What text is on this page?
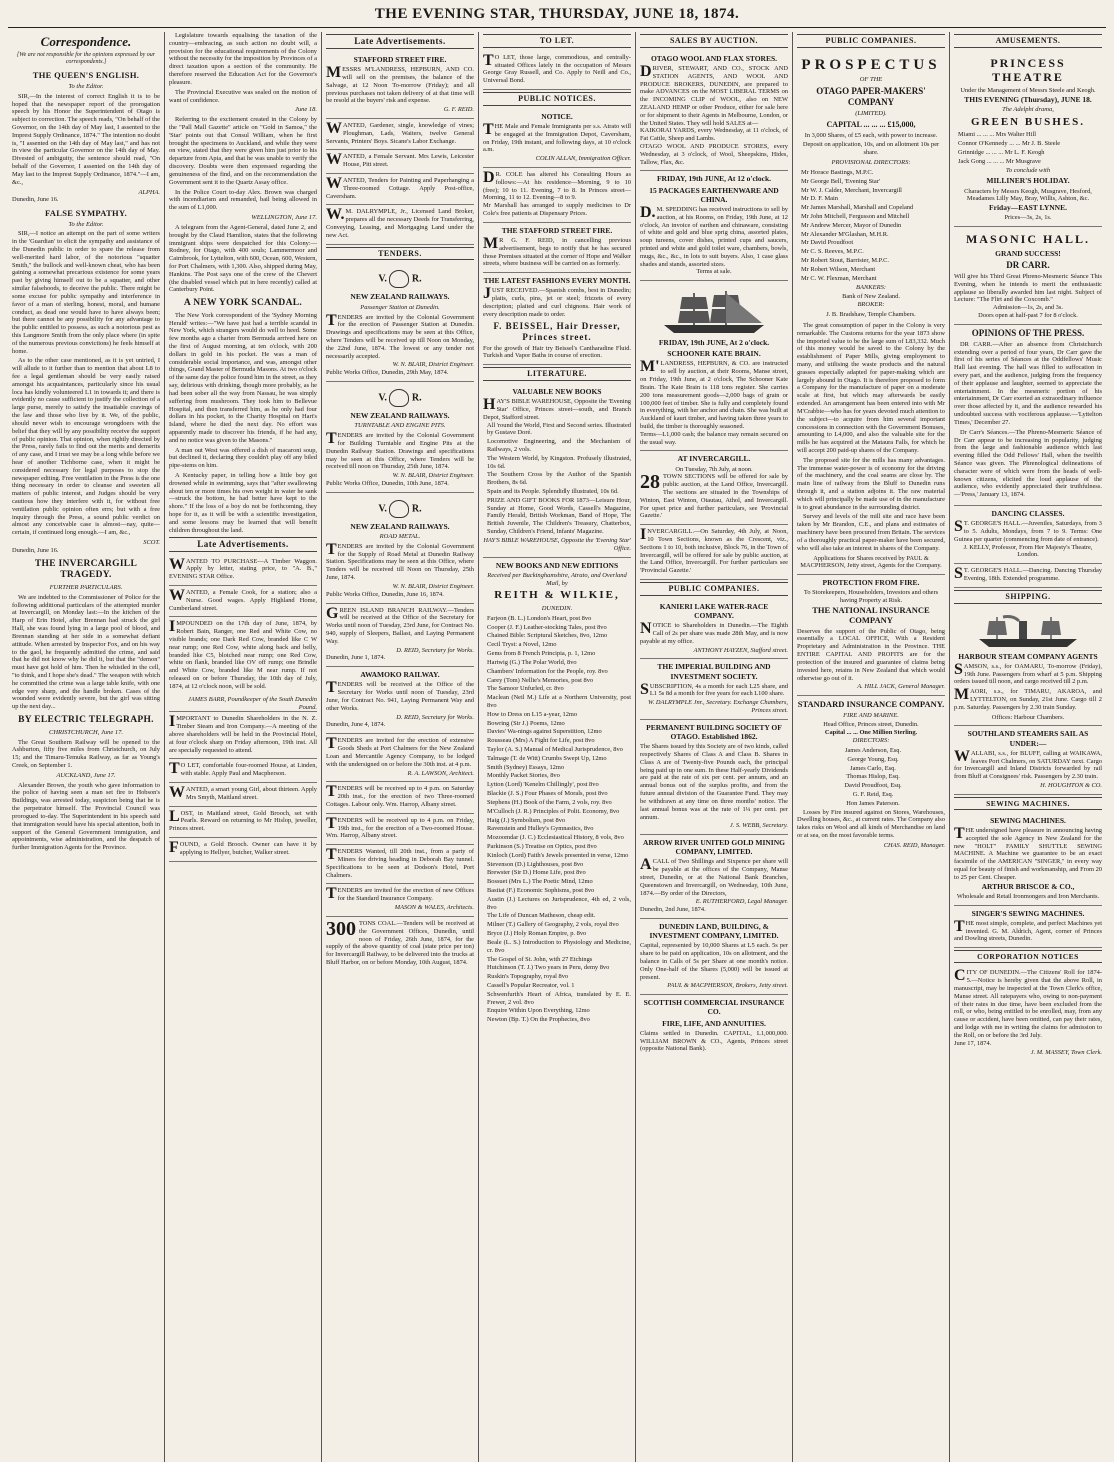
THE EVENING STAR, THURSDAY, JUNE 18, 1874.
Correspondence.
[We are not responsible for the opinions expressed by our correspondents.]
THE QUEEN'S ENGLISH.
To the Editor.

SIR,—In the interest of correct English it is to be hoped that the newspaper report of the prorogation speech by his Honor the Superintendent of Otago is subject to correction. The speech reads, "On behalf of the Governor, on the 14th day of May last, I assented to the Imprest Supply Ordinance, 1874." The intention no doubt is, "I assented on the 14th day of May last," and has not in view the particular Governor on the 14th day of May. Divested of ambiguity, the sentence should read, "On behalf of the Governor, I assented on the 14th day of May last to the Imprest Supply Ordinance, 1874."—I am, &c.,

ALPHA.
Dunedin, June 16.
FALSE SYMPATHY.
To the Editor.

SIR,—I notice an attempt on the part of some writers in the 'Guardian' to elicit the sympathy and assistance of the Dunedin public in order to spare the release from well-merited hard labor, of the notorious "squatter Smith," the bullock and well-known cheat, who has been gaining a somewhat precarious existence for some years past by giving himself out to be a squatter, and other similar falsehoods, to deceive the public. There might be some excuse for public sympathy and interference in favor of a man of sterling, honest, moral, and humane conduct, as dead one would have to have always been; but there cannot be any possibility for any advantage to the public entitled to possess, as such a notorious pest as this Langmore Smith from the only place where (in spite of the numerous previous convictions) he feels himself at home.

As to the other case mentioned, as it is yet untried, I will allude to it further than to mention that about L8 to fee a legal gentleman should be very easily raised amongst his acquaintances, particularly since his usual loca has kindly volunteered L1 in towards it; and there is evidently no cause sufficient to justify the collection of a large purse, merely to satisfy the insatiable cravings of the law and those who live by it. We, of the public, should never wish to encourage wrongdoers with the belief that they will by any possibility receive the support of public opinion. That opinion, when rightly directed by the Press, rarely fails to find out the merits and demerits of any case, and I trust we may be a long while before we hear of another Tichborne case, when it might be considered necessary for legal purposes to stop the newspaper editing. Free ventilation in the Press is the one thing necessary in order to cleanse and sweeten all matters of public interest, and Judges should be very cautious how they interfere with it, for without free ventilation public opinion often errs; but with a free inquiry through the Press, a sound public verdict on almost any conceivable case is almost—nay, quite—certain, if continued long enough.—I am, &c.,

SCOT.
Dunedin, June 16.
THE INVERCARGILL TRAGEDY.
FURTHER PARTICULARS.

We are indebted to the Commissioner of Police for the following additional particulars of the attempted murder at Invercargill, on Monday last:—In the kitchen of the Harp of Erin Hotel, after Brennan had struck the girl Hall, she was found lying in a large pool of blood, and Brennan standing at her side in a somewhat defiant attitude. When arrested by Inspector Fox, and on his way to the gaol, he frequently admitted the crime, and said that he did not know why he did it, but that the "demon" must have got hold of him. Then he whistled in the cell, "to think, and I hope she's dead." The weapon with which he committed the crime was a large table knife, with one edge very sharp, and the handle broken. Cases of the wounded were evidently severe, but the girl was sitting up the next day...

BY ELECTRIC TELEGRAPH.
CHRISTCHURCH, June 17.

The Great Southern Railway will be opened to the Ashburton, fifty five miles from Christchurch, on July 15; and the Timaru-Temuka Railway, as far as Young's Creek, on September 1.

AUCKLAND, June 17.

Alexander Brown, the youth who gave information to the police of having seen a man set fire to Hobson's Buildings, was arrested today, suspicion being that he is the perpetrator himself. The Provincial Council was prorogued to-day. The Superintendent in his speech said that immigration would have his special attention, both in support of the General Government immigration, and appointments, wise administration, and the despatch of further Immigration Agents for the Province.

Legislature towards equalising the taxation of the country—embracing, as such action no doubt will, a provision for the educational requirements of the Colony without the necessity for the imposition by Provinces of a direct taxation upon a section of the community. He therefore reserved the Education Act for the Governor's pleasure.

The Provincial Executive was sealed on the motion of want of confidence.

June 18.

Referring to the excitement created in the Colony by the "Pall Mall Gazette" article on "Gold in Samoa," the 'Star' points out that Consul William, when he first brought the specimens to Auckland, and while they were on view, stated that they were given him just prior to his departure from Apia, and that he was unable to verify the discovery. Doubts were then expressed regarding the genuineness of the find, and on the recommendation the Government sent it to the Quartz Assay office.

In the Police Court to-day Alex. Brown was charged with incendiarism and remanded, bail being allowed in the sum of L1,000.

WELLINGTON, June 17.

A telegram from the Agent-General, dated June 2, and brought by the Claud Hamilton, states that the following immigrant ships were despatched for this Colony:—Rodney, for Otago, with 400 souls; Lammermoor and Cairnbrook, for Lyttelton, with 600, Ocean, 600, Western, for Port Chalmers, with 1,300. Also, shipped during May, Hankins. The Post says one of the crew of the Chevert (the disabled vessel which put in here recently) called at Canterbury Point.

A NEW YORK SCANDAL.

The New York correspondent of the 'Sydney Morning Herald' writes:—"We have just had a terrible scandal in New York, which strangers would do well to heed. Some few months ago a charter from Bermuda arrived here on the first of August morning, at ten o'clock, with 200 dollars in gold in his pocket. He was a man of considerable social importance, and was, amongst other things, Grand Master of Bermuda Masons. At two o'clock of the same day the police found him in the street, as they say, delirious with drinking, though more probably, as he had been sober all the way from Nassau, he was simply suffering from mushroom. They took him to Bellevue Hospital, and then transferred him, as he only had four dollars in his pocket, to the Charity Hospital on Hart's Island, where he died the next day. No effort was apparently made to discover his friends, if he had any, and no notice was given to the Masons."

A man out West was offered a dish of macaroni soup, but declined it, declaring they couldn't play off any biled pipe-stems on him.

A Kentucky paper, in telling how a little boy got drowned while in swimming, says that "after swallowing about ten or more times his own weight in water he sank—struck the bottom, he had better have kept to the shore." If the loss of a boy do not be forthcoming, they hope for it, as it will be with a scientific investigation, and some lessons may be learned that will benefit children throughout the land.

Late Advertisements.
WANTED TO PURCHASE—A Timber Waggon. Apply by letter, stating price, to "A. B.," EVENING STAR Office.
WANTED, a Female Cook, for a station; also a Nurse. Good wages. Apply Highland Home, Cumberland street.
IMPOUNDED on the 17th day of June, 1874, by Robert Bain, Ranger, one Red and White Cow, no visible brands; one Dark Red Cow, branded like C W near rump; one Red Cow, white along back and belly, branded like C5, blotched near rump; one Red Cow, white on flank, branded like OV off rump; one Brindle and White Cow, branded like M near rump. If not released on or before Thursday, the 10th day of July, 1874, at 12 o'clock noon, will be sold.
JAMES BARR, Poundkeeper of the South Dunedin Pound.
IMPORTANT to Dunedin Shareholders in the N. Z. Timber Steam and Iron Company.—A meeting of the above shareholders will be held in the Provincial Hotel, at four o'clock sharp on Friday afternoon, 19th inst. All are specially requested to attend.
TO LET, comfortable four-roomed House, at Linden, with stable. Apply Paul and Macpherson.
WANTED, a smart young Girl, about thirteen. Apply Mrs Smyth, Maitland street.
LOST, in Maitland street, Gold Brooch, set with Pearls. Reward on returning to Mr Hislop, jeweller, Princes street.
FOUND, a Gold Brooch. Owner can have it by applying to Hellyer, butcher, Walker street.
Late Advertisements.
STAFFORD STREET FIRE.
MESSRS M'LANDRESS, HEPBURN, AND CO. will sell on the premises, the balance of the Salvage, at 12 Noon To-morrow (Friday); and all previous purchases not taken delivery of at that time will be resold at the buyers' risk and expense.
G. F. REID.
WANTED, Gardener, single, knowledge of vines; Ploughman, Lads, Waiters, twelve General Servants, Printers' Boys. Sicane's Labor Exchange.
WANTED, a Female Servant. Mrs Lewis, Leicester House, Pitt street.
WANTED, Tenders for Painting and Paperhanging a Three-roomed Cottage. Apply Post-office, Caversham.
W.M. DALRYMPLE, Jr., Licensed Land Broker, prepares all the necessary Deeds for Transferring, Conveying, Leasing, and Mortgaging Land under the new Act.
TENDERS.
V.  R.
NEW ZEALAND RAILWAYS.
Passenger Station at Dunedin.
TENDERS are invited by the Colonial Government for the erection of Passenger Station at Dunedin. Drawings and specifications may be seen at this Office, where Tenders will be received up till Noon on Monday, the 22nd June, 1874. The lowest or any tender not necessarily accepted.
W. N. BLAIR, District Engineer.
Public Works Office, Dunedin, 29th May, 1874.
V.  R.
NEW ZEALAND RAILWAYS.
TURNTABLE AND ENGINE PITS.
TENDERS are invited by the Colonial Government for Building Turntable and Engine Pits at the Dunedin Railway Station. Drawings and specifications may be seen at this Office, where Tenders will be received till noon on Thursday, 25th June, 1874.
W. N. BLAIR, District Engineer.
Public Works Office, Dunedin, 10th June, 1874.
V.  R.
NEW ZEALAND RAILWAYS.
ROAD METAL.
TENDERS are invited by the Colonial Government for the Supply of Road Metal at Dunedin Railway Station. Specifications may be seen at this Office, where Tenders will be received till Noon on Thursday, 25th June, 1874.
W. N. BLAIR, District Engineer.
Public Works Office, Dunedin, June 16, 1874.
GREEN ISLAND BRANCH RAILWAY.—Tenders will be received at the Office of the Secretary for Works until noon of Tuesday, 23rd June, for Contract No. 940, supply of Sleepers, Ballast, and Laying Permanent Way.
D. REID, Secretary for Works.
Dunedin, June 1, 1874.
AWAMOKO RAILWAY.
TENDERS will be received at the Office of the Secretary for Works until noon of Tuesday, 23rd June, for Contract No. 941, Laying Permanent Way and other Works.
D. REID, Secretary for Works.
Dunedin, June 4, 1874.
TENDERS are invited for the erection of extensive Goods Sheds at Port Chalmers for the New Zealand Loan and Mercantile Agency Company, to be lodged with the undersigned on or before the 30th inst. at 4 p.m.
R. A. LAWSON, Architect.
TENDERS will be received up to 4 p.m. on Saturday 20th inst., for the erection of two Three-roomed Cottages. Labour only. Wm. Harrop, Albany street.
TENDERS will be received up to 4 p.m. on Friday, 19th inst., for the erection of a Two-roomed House. Wm. Harrop, Albany street.
TENDERS Wanted, till 20th inst., from a party of Miners for driving heading in Deborah Bay tunnel. Specifications to be seen at Dodson's Hotel, Port Chalmers.
TENDERS are invited for the erection of new Offices for the Standard Insurance Company.
MASON & WALES, Architects.
300 TONS COAL.—Tenders will be received at the Government Offices, Dunedin, until noon of Friday, 26th June, 1874, for the supply of the above quantity of coal (state price per ton) for Invercargill Railway, to be delivered into the trucks at Bluff Harbor, on or before Monday, 10th August, 1874.
TO LET.
TO LET, those large, commodious, and centrally-situated Offices lately in the occupation of Messrs George Gray Russell, and Co. Apply to Neill and Co., Universal Bond.
PUBLIC NOTICES.
NOTICE.
THE Male and Female Immigrants per s.s. Atrato will be engaged at the Immigration Depot, Caversham, on Friday, 19th instant, and following days, at 10 o'clock a.m.
COLIN ALLAN, Immigration Officer.
DR. COLE has altered his Consulting Hours as follows:—At his residence—Morning, 9 to 10 (free); 10 to 11. Evening, 7 to 8. In Princes street—Morning, 11 to 12. Evening—8 to 9.
Mr Marshall has arranged to supply medicines to Dr Cole's free patients at Dispensary Prices.
THE STAFFORD STREET FIRE.
MR G. F. REID, in cancelling previous advertisement, begs to notify that he has secured those Premises situated at the corner of Hope and Walker streets, where business will be carried on as formerly.
THE LATEST FASHIONS EVERY MONTH.
JUST RECEIVED.—Spanish combs, best in Dunedin; plaits, curls, pins, jet or steel; frizzets of every description; plaited and curl chignons. Hair work of every description made to order.
F. BEISSEL, Hair Dresser, Princes street.
For the growth of Hair try Beissel's Cantharadine Fluid. Turkish and Vapor Baths in course of erection.
LITERATURE.
VALUABLE NEW BOOKS
HAY'S BIBLE WAREHOUSE, Opposite the 'Evening Star' Office, Princes street—south, and Branch Depot, Stafford street.
All 'round the World, First and Second series. Illustrated by Gustave Doré.
Locomotive Engineering, and the Mechanism of Railways, 2 vols.
The Western World, by Kingston. Profusely illustrated, 10s 6d.
The Southern Cross by the Author of the Spanish Brothers, 8s 6d.
Spain and its People. Splendidly illustrated, 10s 6d.
PRIZE AND GIFT BOOKS FOR 1873—Leisure Hour, Sunday at Home, Good Words, Cassell's Magazine, Family Herald, British Workman, Band of Hope, The British Juvenile, The Children's Treasury, Chatterbox, Sunday, Children's Friend, Infants' Magazine.
HAY'S BIBLE WAREHOUSE, Opposite the 'Evening Star' Office.
NEW BOOKS AND NEW EDITIONS
Received per Buckinghamshire, Atrato, and Overland Mail, by
REITH & WILKIE,
DUNEDIN.
Farjeon (B. L.) London's Heart, post 8vo
Cooper (J. F.) Leather-stocking Tales, post 8vo
Chained Bible: Scriptural Sketches, 8vo, 12mo
Cecil Tryst: a Novel, 12mo
Gems from 8 French Principia, p. 1, 12mo
Hartwig (G.) The Polar World, 8vo
Chambers' Information for the People, roy. 8vo
Carey (Tom) Nellie's Memories, post 8vo
The Samoor Unfurled, cr. 8vo
Maclean (Neil M.) Life at a Northern University, post 8vo
How to Dress on L15 a-year, 12mo
Bowring (Sir J.) Poems, 12mo
Davies' Wa-nings against Superstition, 12mo
Rousseau (Mrs) A Fight for Life, post 8vo
Taylor (A. S.) Manual of Medical Jurisprudence, 8vo
Talmage (T. de Witt) Crumbs Swept Up, 12mo
Smith (Sydney) Essays, 12mo
Monthly Packet Stories, 8vo
Lytton (Lord) 'Kenelm Chillingly', post 8vo
Blackie (J. S.) Four Phases of Morals, post 8vo
Stephens (H.) Book of the Farm, 2 vols, roy. 8vo
M'Culloch (J. R.) Principles of Polit. Economy, 8vo
Haig (J.) Symbolism, post 8vo
Ravenstein and Hulley's Gymnastics, 8vo
Mozoomdar (J. C.) Ecclesiastical History, 8 vols, 8vo
Parkinson (S.) Treatise on Optics, post 8vo
Kinloch (Lord) Faith's Jewels presented in verse, 12mo
Stevenson (D.) Lighthouses, post 8vo
Brewster (Sir D.) Home Life, post 8vo
Bossuet (Mrs L.) The Poetic Mind, 12mo
Bastiat (F.) Economic Sophisms, post 8vo
Austin (J.) Lectures on Jurisprudence, 4th ed, 2 vols, 8vo
The Life of Duncan Matheson, cheap edit.
Milner (T.) Gallery of Geography, 2 vols, royal 8vo
Bryce (J.) Holy Roman Empire, p. 8vo
Beale (L. S.) Introduction to Physiology and Medicine, cr. 8vo
The Gospel of St. John, with 27 Etchings
Hutchinson (T. J.) Two years in Peru, demy 8vo
Ruskin's Topography, royal 8vo
Cassell's Popular Recreator, vol. 1
Schwenfurth's Heart of Africa, translated by E. E. Frewer, 2 vol. 8vo
Enquire Within Upon Everything, 12mo
Newton (Bp. T.) On the Prophecies, 8vo
SALES BY AUCTION.
OTAGO WOOL AND FLAX STORES.
DRIVER, STEWART, AND CO., STOCK AND STATION AGENTS, AND WOOL AND PRODUCE BROKERS, DUNEDIN, are prepared to make ADVANCES on the MOST LIBERAL TERMS on the INCOMING CLIP of WOOL, also on NEW ZEALAND HEMP or other Produce, either for sale here or for shipment to their Agents in Melbourne, London, or the United States. They will hold SALES at—
KAIKORAI YARDS, every Wednesday, at 11 o'clock, of Fat Cattle, Sheep and Lambs.
OTAGO WOOL AND PRODUCE STORES, every Wednesday, at 3 o'clock, of Wool, Sheepskins, Hides, Tallow, Flax, &c.
FRIDAY, 19th JUNE, At 12 o'clock.
15 PACKAGES EARTHENWARE AND CHINA.
D.M. SPEDDING has received instructions to sell by auction, at his Rooms, on Friday, 19th June, at 12 o'clock, An invoice of earthen and chinaware, consisting of white and gold and blue sprig china, assorted plates, soup tureens, cover dishes, printed cups and saucers, printed and white and gold toilet ware, chambers, bowls, mugs, &c., &c., in lots to suit buyers. Also, 1 case glass shades and stands, assorted sizes.
Terms at sale.
FRIDAY, 19th JUNE, At 2 o'clock.
SCHOONER KATE BRAIN.
M'LANDRESS, HEPBURN, & CO. are instructed to sell by auction, at their Rooms, Manse street, on Friday, 19th June, at 2 o'clock, The Schooner Kate Brain. The Kate Brain is 118 tons register. She carries 200 tons measurement goods—2,000 bags of grain or 100,000 feet of timber. She is fully and completely found in everything, with her anchor and chain. She was built at Auckland of kauri timber, and having taken three years to build, the timber is thoroughly seasoned.
Terms—L1,000 cash; the balance may remain secured on the usual way.
AT INVERCARGILL.
On Tuesday, 7th July, at noon.
28 TOWN SECTIONS will be offered for sale by public auction, at the Land Office, Invercargill. The sections are situated in the Townships of Winton, East Winton, Otautau, Athol, and Invercargill. For upset price and further particulars, see 'Provincial Gazette.'
INVERCARGILL.—On Saturday, 4th July, at Noon, 10 Town Sections, known as the Crescent, viz., Sections 1 to 10, both inclusive, Block 76, in the Town of Invercargill, will be offered for sale by public auction, at the Land Office, Invercargill. For further particulars see 'Provincial Gazette.'
PUBLIC COMPANIES.
KANIERI LAKE WATER-RACE COMPANY.
NOTICE to Shareholders in Dunedin.—The Eighth Call of 2s per share was made 28th May, and is now payable at my office.
ANTHONY HAYZEN, Stafford street.
THE IMPERIAL BUILDING AND INVESTMENT SOCIETY.
SUBSCRIPTION, 4s a month for each L25 share, and L1 5s 8d a month for five years for each L100 share.
W. DALRYMPLE Jnr., Secretary. Exchange Chambers, Princes street.
PERMANENT BUILDING SOCIETY OF OTAGO. Established 1862.
The Shares issued by this Society are of two kinds, called respectively Shares of Class A and Class B. Shares in Class A are of Twenty-five Pounds each, the principal being paid up in one sum. In these Half-yearly Dividends are paid at the rate of six per cent. per annum, and an annual bonus out of the surplus profits, and from the future annual division of the Guarantee Fund. They may be withdrawn at any time on three months' notice. The last annual bonus was at the rate of 1¼ per cent. per annum.
J. S. WEBB, Secretary.
ARROW RIVER UNITED GOLD MINING COMPANY, LIMITED.
ACALL of Two Shillings and Sixpence per share will be payable at the offices of the Company, Manse street, Dunedin, or at the National Bank Branches, Queenstown and Invercargill, on Wednesday, 10th June, 1874.—By order of the Directors,
E. RUTHERFORD, Legal Manager.
Dunedin, 2nd June, 1874.
DUNEDIN LAND, BUILDING, & INVESTMENT COMPANY, LIMITED.
Capital, represented by 10,000 Shares at L5 each. 5s per share to be paid on application, 10s on allotment, and the balance in Calls of 5s per Share at one month's notice. Only One-half of the Shares (5,000) will be issued at present.
PAUL & MACPHERSON, Brokers, Jetty street.
SCOTTISH COMMERCIAL INSURANCE CO.
FIRE, LIFE, AND ANNUITIES.
Claims settled in Dunedin. CAPITAL, L1,000,000. WILLIAM BROWN & CO., Agents, Princes street (opposite National Bank).
PUBLIC COMPANIES.
PROSPECTUS
OF THE
OTAGO PAPER-MAKERS' COMPANY
(LIMITED).
CAPITAL ... ... ... £15,000,
In 3,000 Shares, of £5 each, with power to increase.
Deposit on application, 10s, and on allotment 10s per share.
PROVISIONAL DIRECTORS:
Mr Horace Bastings, M.P.C.
Mr George Bell, 'Evening Star'
Mr W. J. Calder, Merchant, Invercargill
Mr D. F. Main
Mr James Marshall, Marshall and Copeland
Mr John Mitchell, Fergusson and Mitchell
Mr Andrew Mercer, Mayor of Dunedin
Mr Alexander M'Glashan, M.H.R.
Mr David Proudfoot
Mr C. S. Reeves, M.P.C.
Mr Robert Stout, Barrister, M.P.C.
Mr Robert Wilson, Merchant
Mr C. W. Flexman, Merchant
BANKERS:
Bank of New Zealand.
BROKER:
J. B. Bradshaw, Temple Chambers.

The great consumption of paper in the Colony is very remarkable. The Customs returns for the year 1873 show the imported value to be the large sum of L83,332. Much of this money would be saved to the Colony by the establishment of Paper Mills, giving employment to many, and utilising the waste products and the natural grasses especially adapted for paper-making which are largely abound in Otago. It is therefore proposed to form a Company for the manufacture of paper on a moderate scale at first, but which may afterwards be easily extended. An arrangement has been entered into with Mr M'Crabbie—who has for years devoted much attention to the subject—to acquire from him several important concessions in connection with the Government Bonuses, amounting to L4,000, and also the valuable site for the mills he has acquired at the Mataura Falls, for which he will accept 200 paid-up shares of the Company.

The proposed site for the mills has many advantages. The immense water-power is of economy for the driving of the machinery, and the coal seams are close by. The main line of railway from the Bluff to Dunedin runs through it, and a station adjoins it. The raw material which will principally be made use of in the manufacture is to great abundance in the surrounding district.

Survey and levels of the mill site and race have been taken by Mr Brandon, C.E., and plans and estimates of machinery have been procured from Britain. The services of a thoroughly practical paper-maker have been secured, who will also take an interest in shares of the Company.

Applications for Shares received by PAUL & MACPHERSON, Jetty street, Agents for the Company.
PROTECTION FROM FIRE.
To Storekeepers, Householders, Investors and others having Property at Risk.
THE NATIONAL INSURANCE COMPANY
Deserves the support of the Public of Otago, being essentially a LOCAL OFFICE, With a Resident Proprietary and Administration in the Province. THE ENTIRE CAPITAL AND PROFITS are for the protection of the insured and guarantee of claims being invested here, retains in New Zealand that which would otherwise go out of it.
A. HILL JACK, General Manager.
STANDARD INSURANCE COMPANY.
FIRE AND MARINE.
Head Office, Princes street, Dunedin.
Capital ... ... One Million Sterling.
DIRECTORS:
James Anderson, Esq.
George Young, Esq.
James Carlo, Esq.
Thomas Hislop, Esq.
David Proudfoot, Esq.
G. F. Reid, Esq.
Hon James Paterson.

Losses by Fire insured against on Stores, Warehouses, Dwelling houses, &c., at current rates. The Company also takes risks on Wool and all kinds of Merchandise on land or at sea, on the most favorable terms.

CHAS. REID, Manager.
AMUSEMENTS.
PRINCESS THEATRE
Under the Management of Messrs Steele and Keogh.
THIS EVENING (Thursday), JUNE 18.
The Adelphi drama,
GREEN BUSHES.
Miami ... ... ... Mrs Walter Hill
Connor O'Kennedy ... ... Mr J. B. Steele
Grinnidge ... ... ... Mr L. F. Keogh
Jack Gong ... ... ... Mr Musgrave
To conclude with
MILLINER'S HOLIDAY.
Characters by Messrs Keogh, Musgrave, Hesford, Meadames Lilly May, Bray, Willis, Ashton, &c.
Friday—EAST LYNNE.
Prices—3s, 2s, 1s.
MASONIC HALL.
GRAND SUCCESS!
DR CARR.
Will give his Third Great Phreno-Mesmeric Séance This Evening, when he intends to merit the enthusiastic applause so liberally awarded him last night. Subject of Lecture: "The Flirt and the Coxcomb."
Admission—1s, 2s, and 3s.
Doors open at half-past 7 for 8 o'clock.
OPINIONS OF THE PRESS.

DR CARR.—After an absence from Christchurch extending over a period of four years, Dr Carr gave the first of his series of Séances at the Oddfellows' Music Hall last evening. The hall was filled to suffocation in every part, and the audience, judging from the frequency of their applause and laughter, seemed to appreciate the entertainment. In the mesmeric portion of his entertainment, Dr Carr exerted an extraordinary influence over those affected by it, and the audience rewarded his undoubted success with vociferous applause.—'Lyttelton Times,' December 27.

Dr Carr's Séances.—The Phreno-Mesmeric Séance of Dr Carr appear to be increasing in popularity, judging from the large and fashionable audience which last evening filled the Odd Fellows' Hall, when the twelfth Séance was given. The Phrenological delineations of character were of which were from the heads of well-known citizens, elicited the loud applause of the audience, who evidently appreciated their truthfulness.—'Press,' January 13, 1874.

DANCING CLASSES.
ST. GEORGE'S HALL.—Juveniles, Saturdays, from 3 to 5. Adults, Mondays, from 7 to 9. Terms: One Guinea per quarter (commencing from date of entrance).
J. KELLY, Professor, From Her Majesty's Theatre, London.
ST. GEORGE'S HALL.—Dancing. Dancing Thursday Evening, 18th. Extended programme.
SHIPPING.
HARBOUR STEAM COMPANY AGENTS
SAMSON, s.s., for OAMARU, To-morrow (Friday), 19th June. Passengers from wharf at 5 p.m. Shipping orders issued till noon, and cargo received till 2 p.m.
MAORI, s.s., for TIMARU, AKAROA, and LYTTELTON, on Sunday, 21st June. Cargo till 2 p.m. Saturday. Passengers by 2.30 train Sunday.
Offices: Harbour Chambers.
SOUTHLAND STEAMERS SAIL AS UNDER:—
WALLABI, s.s., for BLUFF, calling at WAIKAWA, leaves Port Chalmers, on SATURDAY next. Cargo for Invercargill and Inland Districts forwarded by rail from Bluff at Consignees' risk. Passengers by 2.30 train.
H. HOUGHTON & CO.
SEWING MACHINES.
SEWING MACHINES.
THE undersigned have pleasure in announcing having accepted the sole Agency in New Zealand for the new "HOLT" FAMILY SHUTTLE SEWING MACHINE. A Machine we guarantee to be an exact facsimile of the AMERICAN "SINGER," in every way equal for beauty of finish and workmanship, and From 20 to 25 per Cent. Cheaper.
ARTHUR BRISCOE & CO.,
Wholesale and Retail Ironmongers and Iron Merchants.
SINGER'S SEWING MACHINES.
THE most simple, complete, and perfect Machines yet invented. G. M. Aldrich, Agent, corner of Princes and Dowling streets, Dunedin.
CORPORATION NOTICES
CITY OF DUNEDIN.—The Citizens' Roll for 1874-5.—Notice is hereby given that the above Roll, in manuscript, may be inspected at the Town Clerk's office, Manse street. All ratepayers who, owing to non-payment of their rates in due time, have been excluded from the roll, or who, being entitled to be enrolled, may, from any cause or accident, have been omitted, can pay their rates, and lodge with me in writing the claims for admission to the Roll, on or before the 3rd July.
June 17, 1874.
J. M. MASSEY, Town Clerk.
